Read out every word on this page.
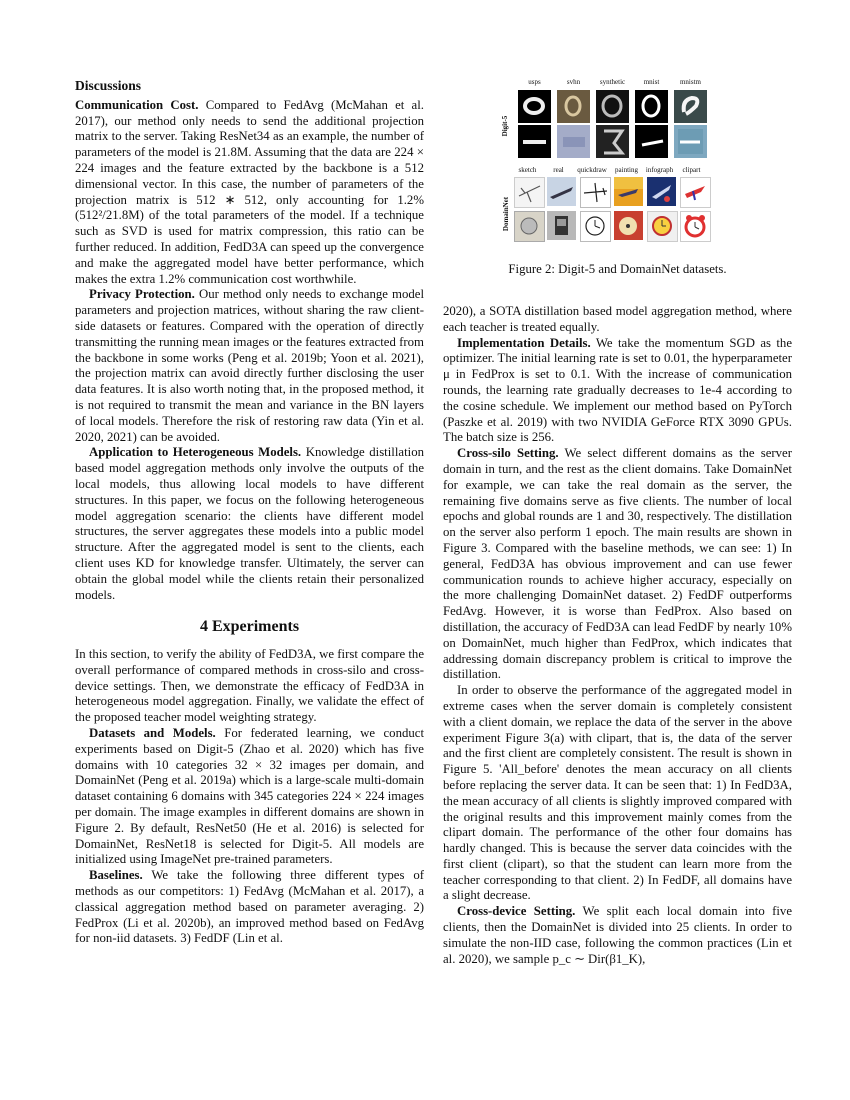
Discussions

Communication Cost. Compared to FedAvg (McMahan et al. 2017), our method only needs to send the additional projection matrix to the server. Taking ResNet34 as an example, the number of parameters of the model is 21.8M. Assuming that the data are 224 × 224 images and the feature extracted by the backbone is a 512 dimensional vector. In this case, the number of parameters of the projection matrix is 512 ∗ 512, only accounting for 1.2% (512²/21.8M) of the total parameters of the model. If a technique such as SVD is used for matrix compression, this ratio can be further reduced. In addition, FedD3A can speed up the convergence and make the aggregated model have better performance, which makes the extra 1.2% communication cost worthwhile.

Privacy Protection. Our method only needs to exchange model parameters and projection matrices, without sharing the raw client-side datasets or features. Compared with the operation of directly transmitting the running mean images or the features extracted from the backbone in some works (Peng et al. 2019b; Yoon et al. 2021), the projection matrix can avoid directly further disclosing the user data features. It is also worth noting that, in the proposed method, it is not required to transmit the mean and variance in the BN layers of local models. Therefore the risk of restoring raw data (Yin et al. 2020, 2021) can be avoided.

Application to Heterogeneous Models. Knowledge distillation based model aggregation methods only involve the outputs of the local models, thus allowing local models to have different structures. In this paper, we focus on the following heterogeneous model aggregation scenario: the clients have different model structures, the server aggregates these models into a public model structure. After the aggregated model is sent to the clients, each client uses KD for knowledge transfer. Ultimately, the server can obtain the global model while the clients retain their personalized models.

4 Experiments

In this section, to verify the ability of FedD3A, we first compare the overall performance of compared methods in cross-silo and cross-device settings. Then, we demonstrate the efficacy of FedD3A in heterogeneous model aggregation. Finally, we validate the effect of the proposed teacher model weighting strategy.

Datasets and Models. For federated learning, we conduct experiments based on Digit-5 (Zhao et al. 2020) which has five domains with 10 categories 32 × 32 images per domain, and DomainNet (Peng et al. 2019a) which is a large-scale multi-domain dataset containing 6 domains with 345 categories 224 × 224 images per domain. The image examples in different domains are shown in Figure 2. By default, ResNet50 (He et al. 2016) is selected for DomainNet, ResNet18 is selected for Digit-5. All models are initialized using ImageNet pre-trained parameters.

Baselines. We take the following three different types of methods as our competitors: 1) FedAvg (McMahan et al. 2017), a classical aggregation method based on parameter averaging. 2) FedProx (Li et al. 2020b), an improved method based on FedAvg for non-iid datasets. 3) FedDF (Lin et al.

usps	svhn	synthetic	mnist	mnistm
Digit-5
sketch	real	quickdraw	painting	infograph	clipart
DomainNet
Figure 2: Digit-5 and DomainNet datasets.

2020), a SOTA distillation based model aggregation method, where each teacher is treated equally.

Implementation Details. We take the momentum SGD as the optimizer. The initial learning rate is set to 0.01, the hyperparameter μ in FedProx is set to 0.1. With the increase of communication rounds, the learning rate gradually decreases to 1e-4 according to the cosine schedule. We implement our method based on PyTorch (Paszke et al. 2019) with two NVIDIA GeForce RTX 3090 GPUs. The batch size is 256.

Cross-silo Setting. We select different domains as the server domain in turn, and the rest as the client domains. Take DomainNet for example, we can take the real domain as the server, the remaining five domains serve as five clients. The number of local epochs and global rounds are 1 and 30, respectively. The distillation on the server also perform 1 epoch. The main results are shown in Figure 3. Compared with the baseline methods, we can see: 1) In general, FedD3A has obvious improvement and can use fewer communication rounds to achieve higher accuracy, especially on the more challenging DomainNet dataset. 2) FedDF outperforms FedAvg. However, it is worse than FedProx. Also based on distillation, the accuracy of FedD3A can lead FedDF by nearly 10% on DomainNet, much higher than FedProx, which indicates that addressing domain discrepancy problem is critical to improve the distillation.

In order to observe the performance of the aggregated model in extreme cases when the server domain is completely consistent with a client domain, we replace the data of the server in the above experiment Figure 3(a) with clipart, that is, the data of the server and the first client are completely consistent. The result is shown in Figure 5. 'All_before' denotes the mean accuracy on all clients before replacing the server data. It can be seen that: 1) In FedD3A, the mean accuracy of all clients is slightly improved compared with the original results and this improvement mainly comes from the clipart domain. The performance of the other four domains has hardly changed. This is because the server data coincides with the first client (clipart), so that the student can learn more from the teacher corresponding to that client. 2) In FedDF, all domains have a slight decrease.

Cross-device Setting. We split each local domain into five clients, then the DomainNet is divided into 25 clients. In order to simulate the non-IID case, following the common practices (Lin et al. 2020), we sample p_c ∼ Dir(β1_K),
